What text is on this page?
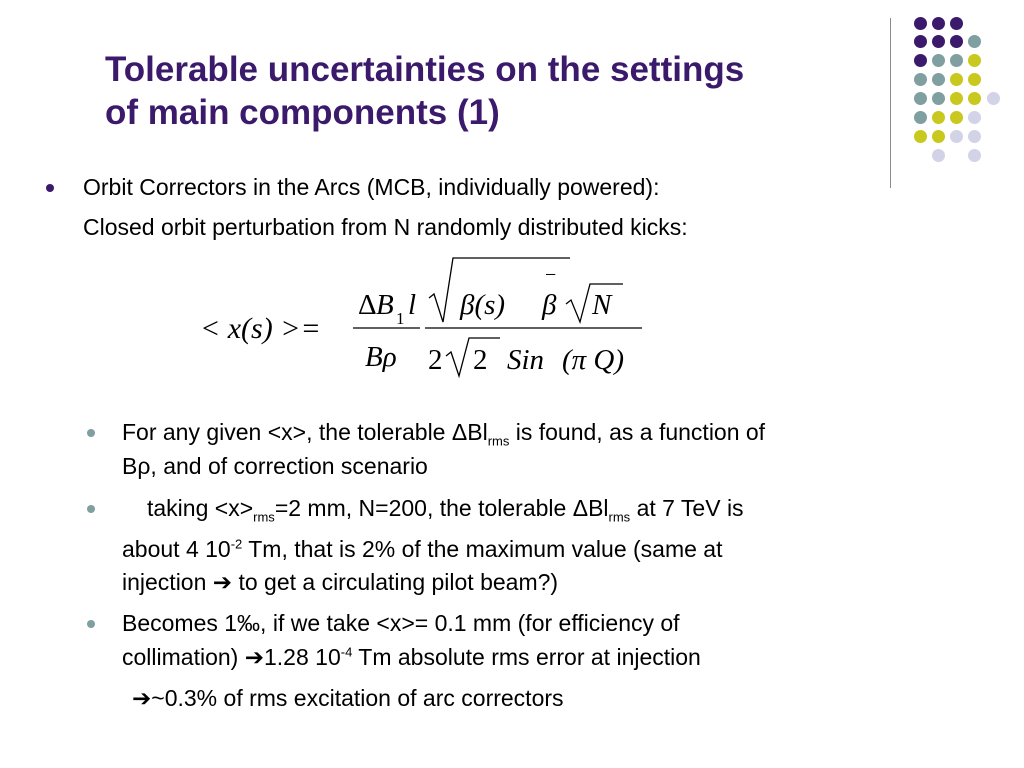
Tolerable uncertainties on the settings
of main components (1)
Orbit Correctors in the Arcs (MCB, individually powered):
Closed orbit perturbation from N randomly distributed kicks:
< x(s) >=
Δ B 1 l
Bρ
β(s)
−
β N
2 2 Sin (π Q)
For any given <x>, the tolerable ΔBl$_{rms}$ is found, as a function of
Bρ, and of correction scenario
taking $<x>_{rms}=2$ mm, N=200, the tolerable ΔBl$_{rms}$ at 7 TeV is
about 4 $10^{-2}$ Tm, that is 2% of the maximum value (same at
injection ➔ to get a circulating pilot beam?)
Becomes 1‰, if we take <x>= 0.1 mm (for efficiency of
collimation) ➔1.28 $10^{-4}$ Tm absolute rms error at injection
➔~0.3% of rms excitation of arc correctors
